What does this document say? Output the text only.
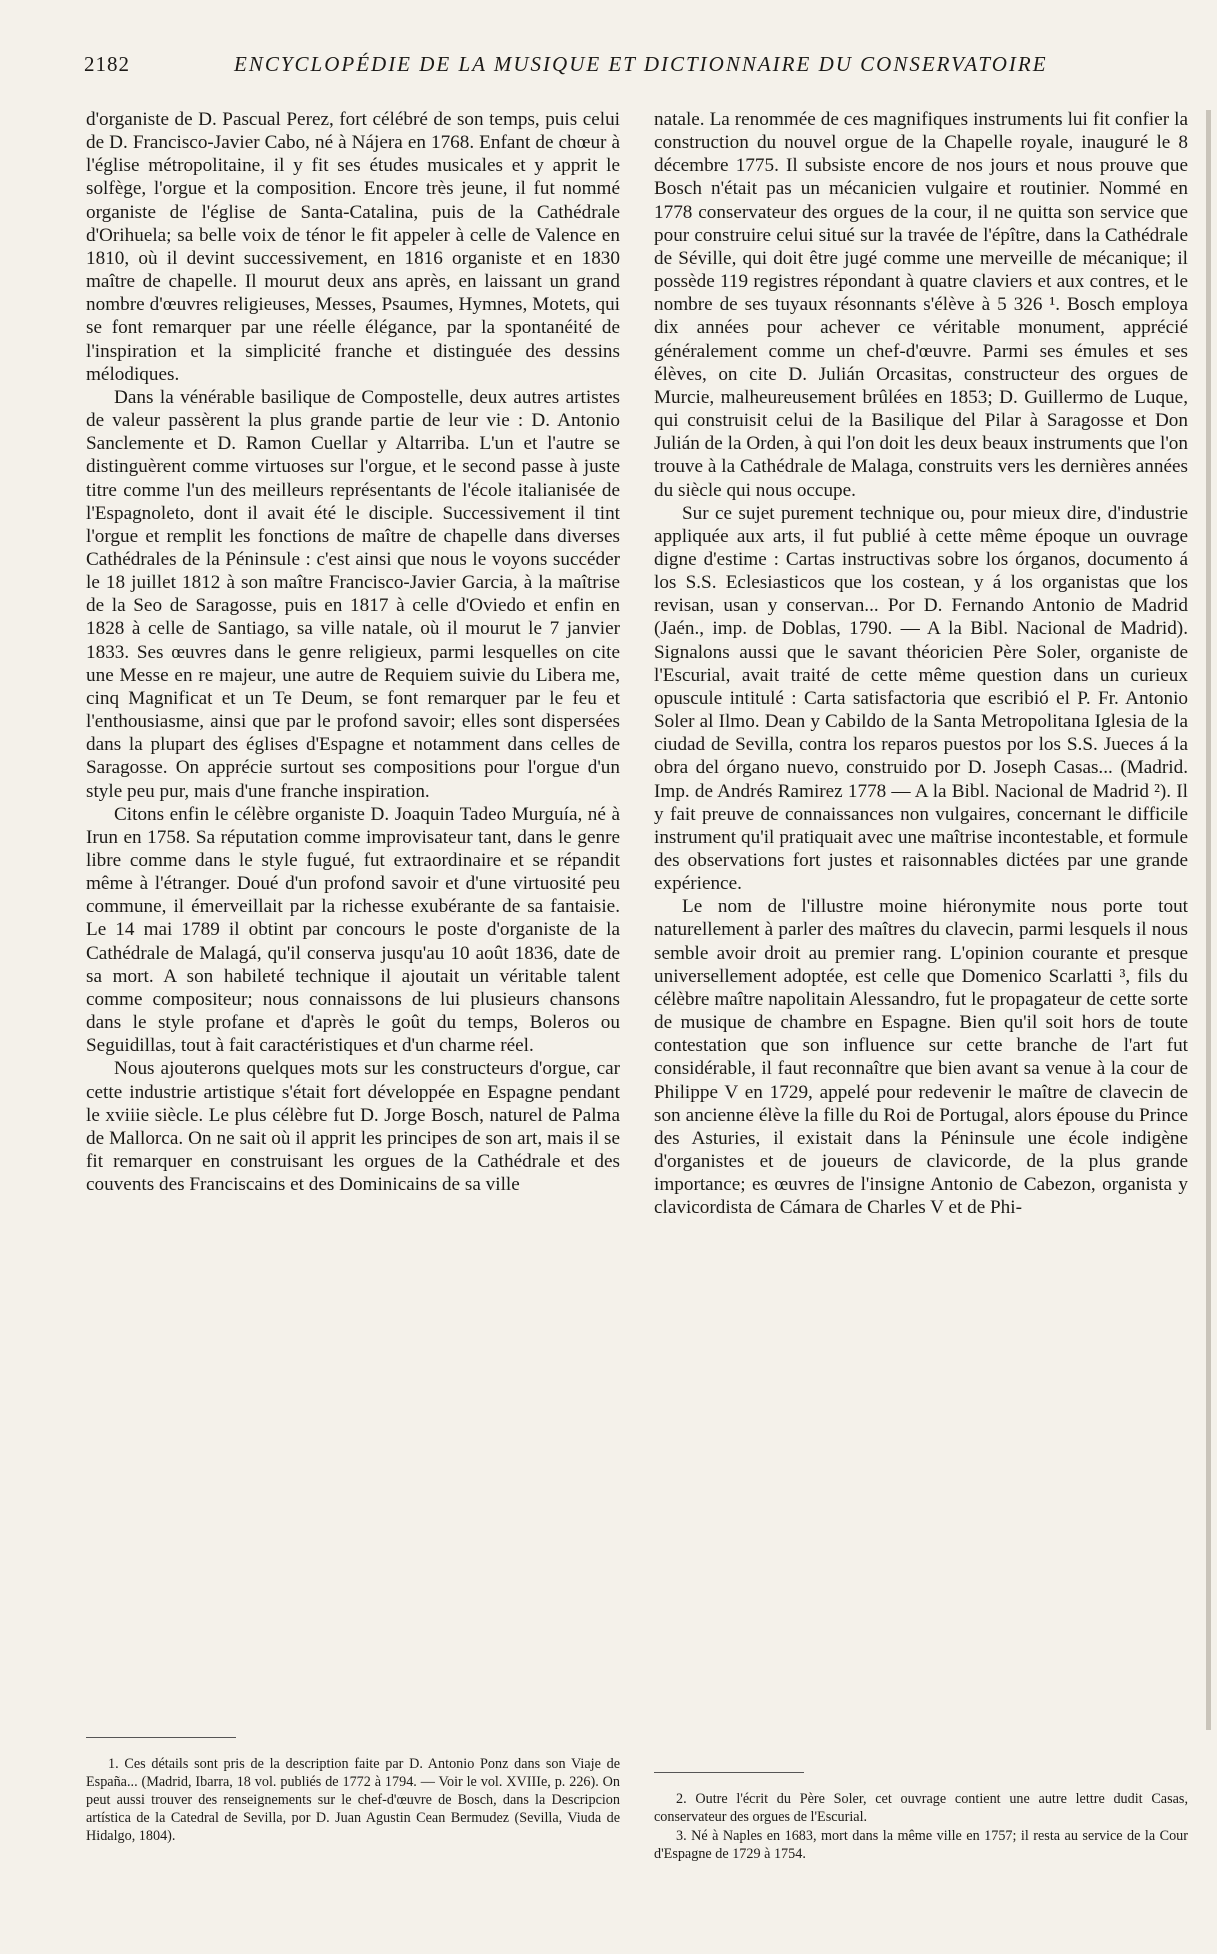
2182	ENCYCLOPÉDIE DE LA MUSIQUE ET DICTIONNAIRE DU CONSERVATOIRE

d'organiste de D. Pascual Perez, fort célébré de son temps, puis celui de D. Francisco-Javier Cabo, né à Nájera en 1768. Enfant de chœur à l'église métropolitaine, il y fit ses études musicales et y apprit le solfège, l'orgue et la composition. Encore très jeune, il fut nommé organiste de l'église de Santa-Catalina, puis de la Cathédrale d'Orihuela; sa belle voix de ténor le fit appeler à celle de Valence en 1810, où il devint successivement, en 1816 organiste et en 1830 maître de chapelle. Il mourut deux ans après, en laissant un grand nombre d'œuvres religieuses, Messes, Psaumes, Hymnes, Motets, qui se font remarquer par une réelle élégance, par la spontanéité de l'inspiration et la simplicité franche et distinguée des dessins mélodiques.

Dans la vénérable basilique de Compostelle, deux autres artistes de valeur passèrent la plus grande partie de leur vie : D. Antonio Sanclemente et D. Ramon Cuellar y Altarriba. L'un et l'autre se distinguèrent comme virtuoses sur l'orgue, et le second passe à juste titre comme l'un des meilleurs représentants de l'école italianisée de l'Espagnoleto, dont il avait été le disciple. Successivement il tint l'orgue et remplit les fonctions de maître de chapelle dans diverses Cathédrales de la Péninsule : c'est ainsi que nous le voyons succéder le 18 juillet 1812 à son maître Francisco-Javier Garcia, à la maîtrise de la Seo de Saragosse, puis en 1817 à celle d'Oviedo et enfin en 1828 à celle de Santiago, sa ville natale, où il mourut le 7 janvier 1833. Ses œuvres dans le genre religieux, parmi lesquelles on cite une Messe en re majeur, une autre de Requiem suivie du Libera me, cinq Magnificat et un Te Deum, se font remarquer par le feu et l'enthousiasme, ainsi que par le profond savoir; elles sont dispersées dans la plupart des églises d'Espagne et notamment dans celles de Saragosse. On apprécie surtout ses compositions pour l'orgue d'un style peu pur, mais d'une franche inspiration.

Citons enfin le célèbre organiste D. Joaquin Tadeo Murguía, né à Irun en 1758. Sa réputation comme improvisateur tant, dans le genre libre comme dans le style fugué, fut extraordinaire et se répandit même à l'étranger. Doué d'un profond savoir et d'une virtuosité peu commune, il émerveillait par la richesse exubérante de sa fantaisie. Le 14 mai 1789 il obtint par concours le poste d'organiste de la Cathédrale de Malagá, qu'il conserva jusqu'au 10 août 1836, date de sa mort. A son habileté technique il ajoutait un véritable talent comme compositeur; nous connaissons de lui plusieurs chansons dans le style profane et d'après le goût du temps, Boleros ou Seguidillas, tout à fait caractéristiques et d'un charme réel.

Nous ajouterons quelques mots sur les constructeurs d'orgue, car cette industrie artistique s'était fort développée en Espagne pendant le xviiie siècle. Le plus célèbre fut D. Jorge Bosch, naturel de Palma de Mallorca. On ne sait où il apprit les principes de son art, mais il se fit remarquer en construisant les orgues de la Cathédrale et des couvents des Franciscains et des Dominicains de sa ville

natale. La renommée de ces magnifiques instruments lui fit confier la construction du nouvel orgue de la Chapelle royale, inauguré le 8 décembre 1775. Il subsiste encore de nos jours et nous prouve que Bosch n'était pas un mécanicien vulgaire et routinier. Nommé en 1778 conservateur des orgues de la cour, il ne quitta son service que pour construire celui situé sur la travée de l'épître, dans la Cathédrale de Séville, qui doit être jugé comme une merveille de mécanique; il possède 119 registres répondant à quatre claviers et aux contres, et le nombre de ses tuyaux résonnants s'élève à 5 326 ¹. Bosch employa dix années pour achever ce véritable monument, apprécié généralement comme un chef-d'œuvre. Parmi ses émules et ses élèves, on cite D. Julián Orcasitas, constructeur des orgues de Murcie, malheureusement brûlées en 1853; D. Guillermo de Luque, qui construisit celui de la Basilique del Pilar à Saragosse et Don Julián de la Orden, à qui l'on doit les deux beaux instruments que l'on trouve à la Cathédrale de Malaga, construits vers les dernières années du siècle qui nous occupe.

Sur ce sujet purement technique ou, pour mieux dire, d'industrie appliquée aux arts, il fut publié à cette même époque un ouvrage digne d'estime : Cartas instructivas sobre los órganos, documento á los S.S. Eclesiasticos que los costean, y á los organistas que los revisan, usan y conservan... Por D. Fernando Antonio de Madrid (Jaén., imp. de Doblas, 1790. — A la Bibl. Nacional de Madrid). Signalons aussi que le savant théoricien Père Soler, organiste de l'Escurial, avait traité de cette même question dans un curieux opuscule intitulé : Carta satisfactoria que escribió el P. Fr. Antonio Soler al Ilmo. Dean y Cabildo de la Santa Metropolitana Iglesia de la ciudad de Sevilla, contra los reparos puestos por los S.S. Jueces á la obra del órgano nuevo, construido por D. Joseph Casas... (Madrid. Imp. de Andrés Ramirez 1778 — A la Bibl. Nacional de Madrid ²). Il y fait preuve de connaissances non vulgaires, concernant le difficile instrument qu'il pratiquait avec une maîtrise incontestable, et formule des observations fort justes et raisonnables dictées par une grande expérience.

Le nom de l'illustre moine hiéronymite nous porte tout naturellement à parler des maîtres du clavecin, parmi lesquels il nous semble avoir droit au premier rang. L'opinion courante et presque universellement adoptée, est celle que Domenico Scarlatti ³, fils du célèbre maître napolitain Alessandro, fut le propagateur de cette sorte de musique de chambre en Espagne. Bien qu'il soit hors de toute contestation que son influence sur cette branche de l'art fut considérable, il faut reconnaître que bien avant sa venue à la cour de Philippe V en 1729, appelé pour redevenir le maître de clavecin de son ancienne élève la fille du Roi de Portugal, alors épouse du Prince des Asturies, il existait dans la Péninsule une école indigène d'organistes et de joueurs de clavicorde, de la plus grande importance; es œuvres de l'insigne Antonio de Cabezon, organista y clavicordista de Cámara de Charles V et de Phi-

1. Ces détails sont pris de la description faite par D. Antonio Ponz dans son Viaje de España... (Madrid, Ibarra, 18 vol. publiés de 1772 à 1794. — Voir le vol. XVIIIe, p. 226). On peut aussi trouver des renseignements sur le chef-d'œuvre de Bosch, dans la Descripcion artística de la Catedral de Sevilla, por D. Juan Agustin Cean Bermudez (Sevilla, Viuda de Hidalgo, 1804).

2. Outre l'écrit du Père Soler, cet ouvrage contient une autre lettre dudit Casas, conservateur des orgues de l'Escurial.

3. Né à Naples en 1683, mort dans la même ville en 1757; il resta au service de la Cour d'Espagne de 1729 à 1754.
